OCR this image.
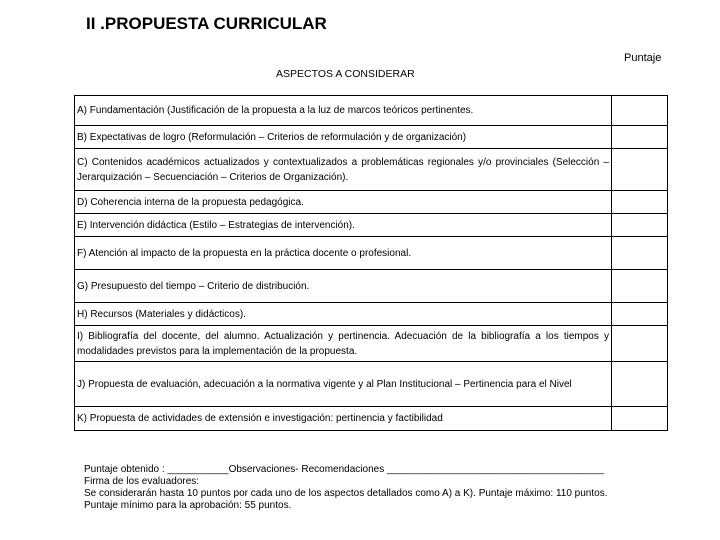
II .PROPUESTA CURRICULAR
Puntaje
ASPECTOS A CONSIDERAR
A) Fundamentación (Justificación de la propuesta a la luz de marcos teóricos pertinentes.	

B) Expectativas de logro (Reformulación – Criterios de reformulación y de organización)	

C) Contenidos académicos actualizados y contextualizados a problemáticas regionales y/o provinciales (Selección – Jerarquización – Secuenciación – Criterios de Organización).	

D) Coherencia interna de la propuesta pedagógica.	

E) Intervención didáctica (Estilo – Estrategias de intervención).	

F) Atención al impacto de la propuesta en la práctica docente o profesional.	

G) Presupuesto del tiempo – Criterio de distribución.	

H) Recursos (Materiales y didácticos).	

I) Bibliografía del docente, del alumno. Actualización y pertinencia. Adecuación de la bibliografía a los tiempos y modalidades previstos para la implementación de la propuesta.	

J) Propuesta de evaluación, adecuación a la normativa vigente y al Plan Institucional – Pertinencia para el Nivel	

K) Propuesta de actividades de extensión e investigación: pertinencia y factibilidad	

Puntaje obtenido : ___________Observaciones- Recomendaciones _______________________________________
Firma de los evaluadores:
Se considerarán hasta 10 puntos por cada uno de los aspectos detallados como A) a K). Puntaje máximo: 110 puntos.
Puntaje mínimo para la aprobación: 55 puntos.
